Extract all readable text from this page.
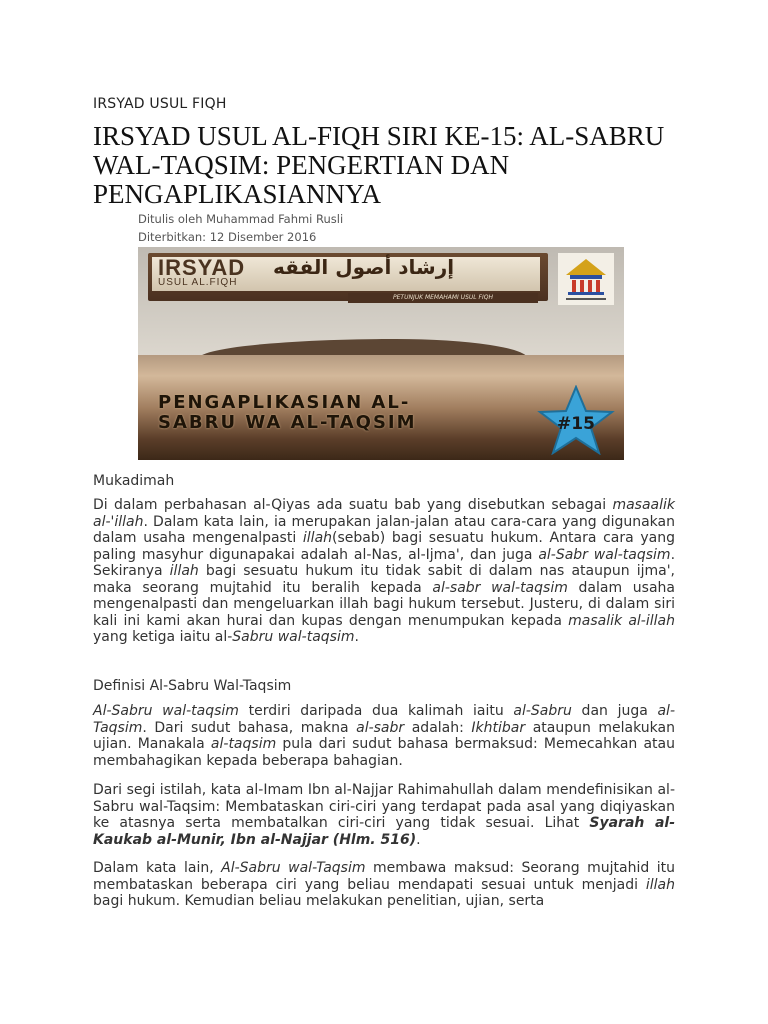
IRSYAD USUL FIQH
IRSYAD USUL AL-FIQH SIRI KE-15: AL-SABRU WAL-TAQSIM: PENGERTIAN DAN PENGAPLIKASIANNYA
Ditulis oleh Muhammad Fahmi Rusli
Diterbitkan: 12 Disember 2016
IRSYAD
USUL AL.FIQH
إرشاد أصول الفقه
PETUNJUK MEMAHAMI USUL FIQH
PENGAPLIKASIAN AL-
SABRU WA AL-TAQSIM	#15
Mukadimah

Di dalam perbahasan al-Qiyas ada suatu bab yang disebutkan sebagai masaalik al-'illah. Dalam kata lain, ia merupakan jalan-jalan atau cara-cara yang digunakan dalam usaha mengenalpasti illah(sebab) bagi sesuatu hukum. Antara cara yang paling masyhur digunapakai adalah al-Nas, al-Ijma', dan juga al-Sabr wal-taqsim. Sekiranya illah bagi sesuatu hukum itu tidak sabit di dalam nas ataupun ijma', maka seorang mujtahid itu beralih kepada al-sabr wal-taqsim dalam usaha mengenalpasti dan mengeluarkan illah bagi hukum tersebut. Justeru, di dalam siri kali ini kami akan hurai dan kupas dengan menumpukan kepada masalik al-illah yang ketiga iaitu al-Sabru wal-taqsim.

Definisi Al-Sabru Wal-Taqsim

Al-Sabru wal-taqsim terdiri daripada dua kalimah iaitu al-Sabru dan juga al-Taqsim. Dari sudut bahasa, makna al-sabr adalah: Ikhtibar ataupun melakukan ujian. Manakala al-taqsim pula dari sudut bahasa bermaksud: Memecahkan atau membahagikan kepada beberapa bahagian.

Dari segi istilah, kata al-Imam Ibn al-Najjar Rahimahullah dalam mendefinisikan al-Sabru wal-Taqsim: Membataskan ciri-ciri yang terdapat pada asal yang diqiyaskan ke atasnya serta membatalkan ciri-ciri yang tidak sesuai. Lihat Syarah al-Kaukab al-Munir, Ibn al-Najjar (Hlm. 516).

Dalam kata lain, Al-Sabru wal-Taqsim membawa maksud: Seorang mujtahid itu membataskan beberapa ciri yang beliau mendapati sesuai untuk menjadi illah bagi hukum. Kemudian beliau melakukan penelitian, ujian, serta
